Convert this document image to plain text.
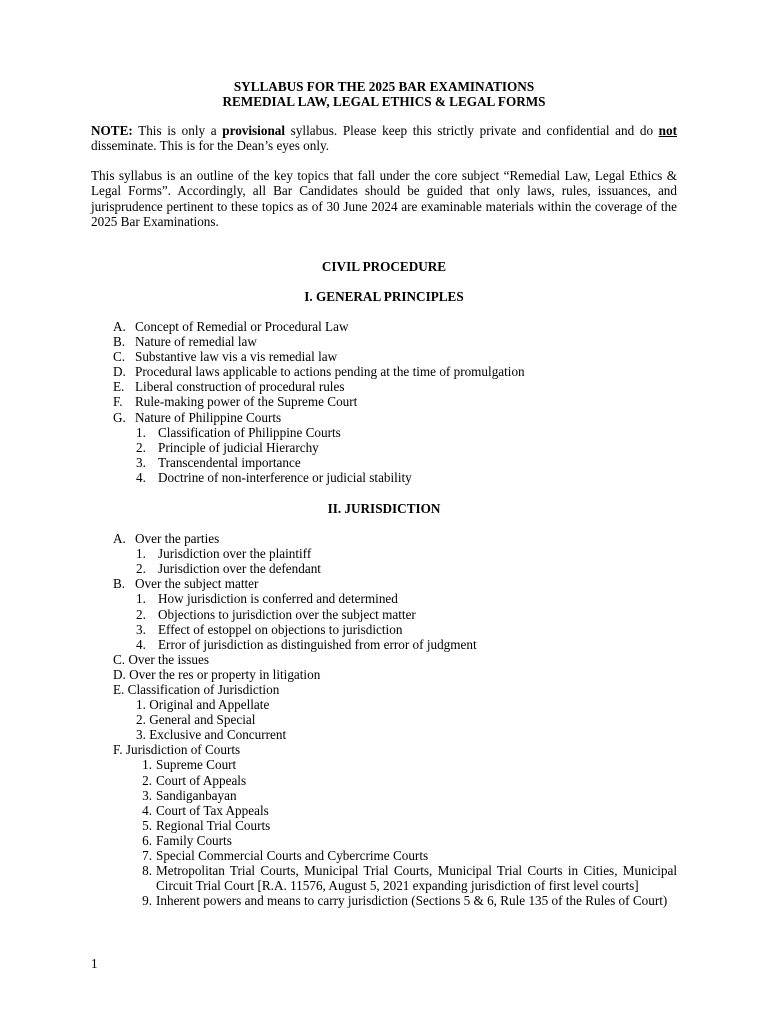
SYLLABUS FOR THE 2025 BAR EXAMINATIONS
REMEDIAL LAW, LEGAL ETHICS & LEGAL FORMS

NOTE: This is only a provisional syllabus. Please keep this strictly private and confidential and do not disseminate. This is for the Dean’s eyes only.

This syllabus is an outline of the key topics that fall under the core subject “Remedial Law, Legal Ethics & Legal Forms”. Accordingly, all Bar Candidates should be guided that only laws, rules, issuances, and jurisprudence pertinent to these topics as of 30 June 2024 are examinable materials within the coverage of the 2025 Bar Examinations.

CIVIL PROCEDURE
I. GENERAL PRINCIPLES
A. Concept of Remedial or Procedural Law
B. Nature of remedial law
C. Substantive law vis a vis remedial law
D. Procedural laws applicable to actions pending at the time of promulgation
E. Liberal construction of procedural rules
F. Rule-making power of the Supreme Court
G. Nature of Philippine Courts
1. Classification of Philippine Courts
2. Principle of judicial Hierarchy
3. Transcendental importance
4. Doctrine of non-interference or judicial stability
II. JURISDICTION
A. Over the parties
1. Jurisdiction over the plaintiff
2. Jurisdiction over the defendant
B. Over the subject matter
1. How jurisdiction is conferred and determined
2. Objections to jurisdiction over the subject matter
3. Effect of estoppel on objections to jurisdiction
4. Error of jurisdiction as distinguished from error of judgment
C. Over the issues
D. Over the res or property in litigation
E. Classification of Jurisdiction
1. Original and Appellate
2. General and Special
3. Exclusive and Concurrent
F. Jurisdiction of Courts
1. Supreme Court
2. Court of Appeals
3. Sandiganbayan
4. Court of Tax Appeals
5. Regional Trial Courts
6. Family Courts
7. Special Commercial Courts and Cybercrime Courts
8. Metropolitan Trial Courts, Municipal Trial Courts, Municipal Trial Courts in Cities, Municipal Circuit Trial Court [R.A. 11576, August 5, 2021 expanding jurisdiction of first level courts]
9. Inherent powers and means to carry jurisdiction (Sections 5 & 6, Rule 135 of the Rules of Court)
1
